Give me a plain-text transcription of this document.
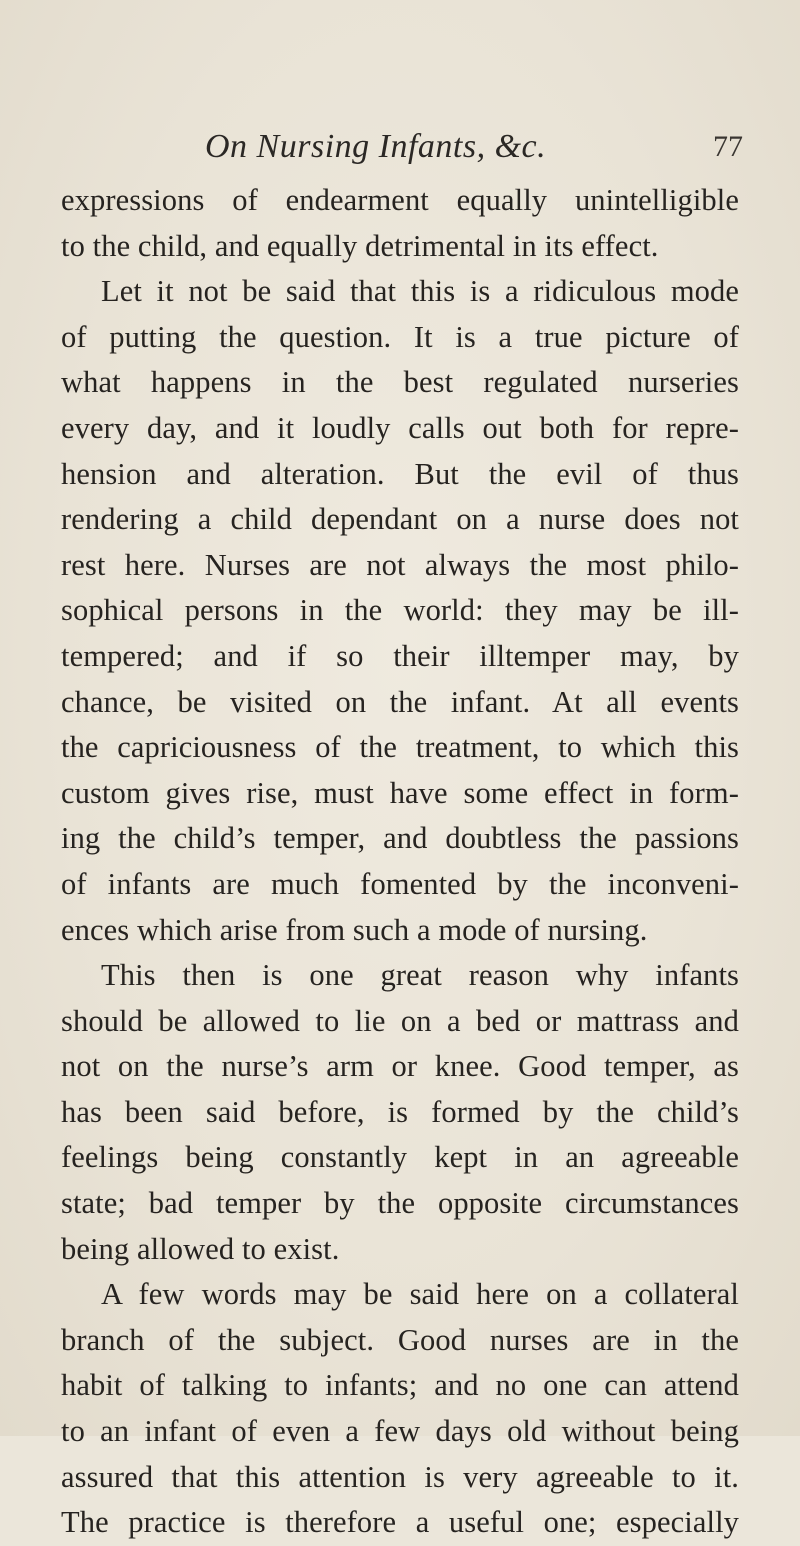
On Nursing Infants, &c.	77
expressions of endearment equally unintelligible
to the child, and equally detrimental in its effect.
Let it not be said that this is a ridiculous mode
of putting the question. It is a true picture of
what happens in the best regulated nurseries
every day, and it loudly calls out both for repre-
hension and alteration. But the evil of thus
rendering a child dependant on a nurse does not
rest here. Nurses are not always the most philo-
sophical persons in the world: they may be ill-
tempered; and if so their illtemper may, by
chance, be visited on the infant. At all events
the capriciousness of the treatment, to which this
custom gives rise, must have some effect in form-
ing the child’s temper, and doubtless the passions
of infants are much fomented by the inconveni-
ences which arise from such a mode of nursing.
This then is one great reason why infants
should be allowed to lie on a bed or mattrass and
not on the nurse’s arm or knee. Good temper, as
has been said before, is formed by the child’s
feelings being constantly kept in an agreeable
state; bad temper by the opposite circumstances
being allowed to exist.
A few words may be said here on a collateral
branch of the subject. Good nurses are in the
habit of talking to infants; and no one can attend
to an infant of even a few days old without being
assured that this attention is very agreeable to it.
The practice is therefore a useful one; especially
